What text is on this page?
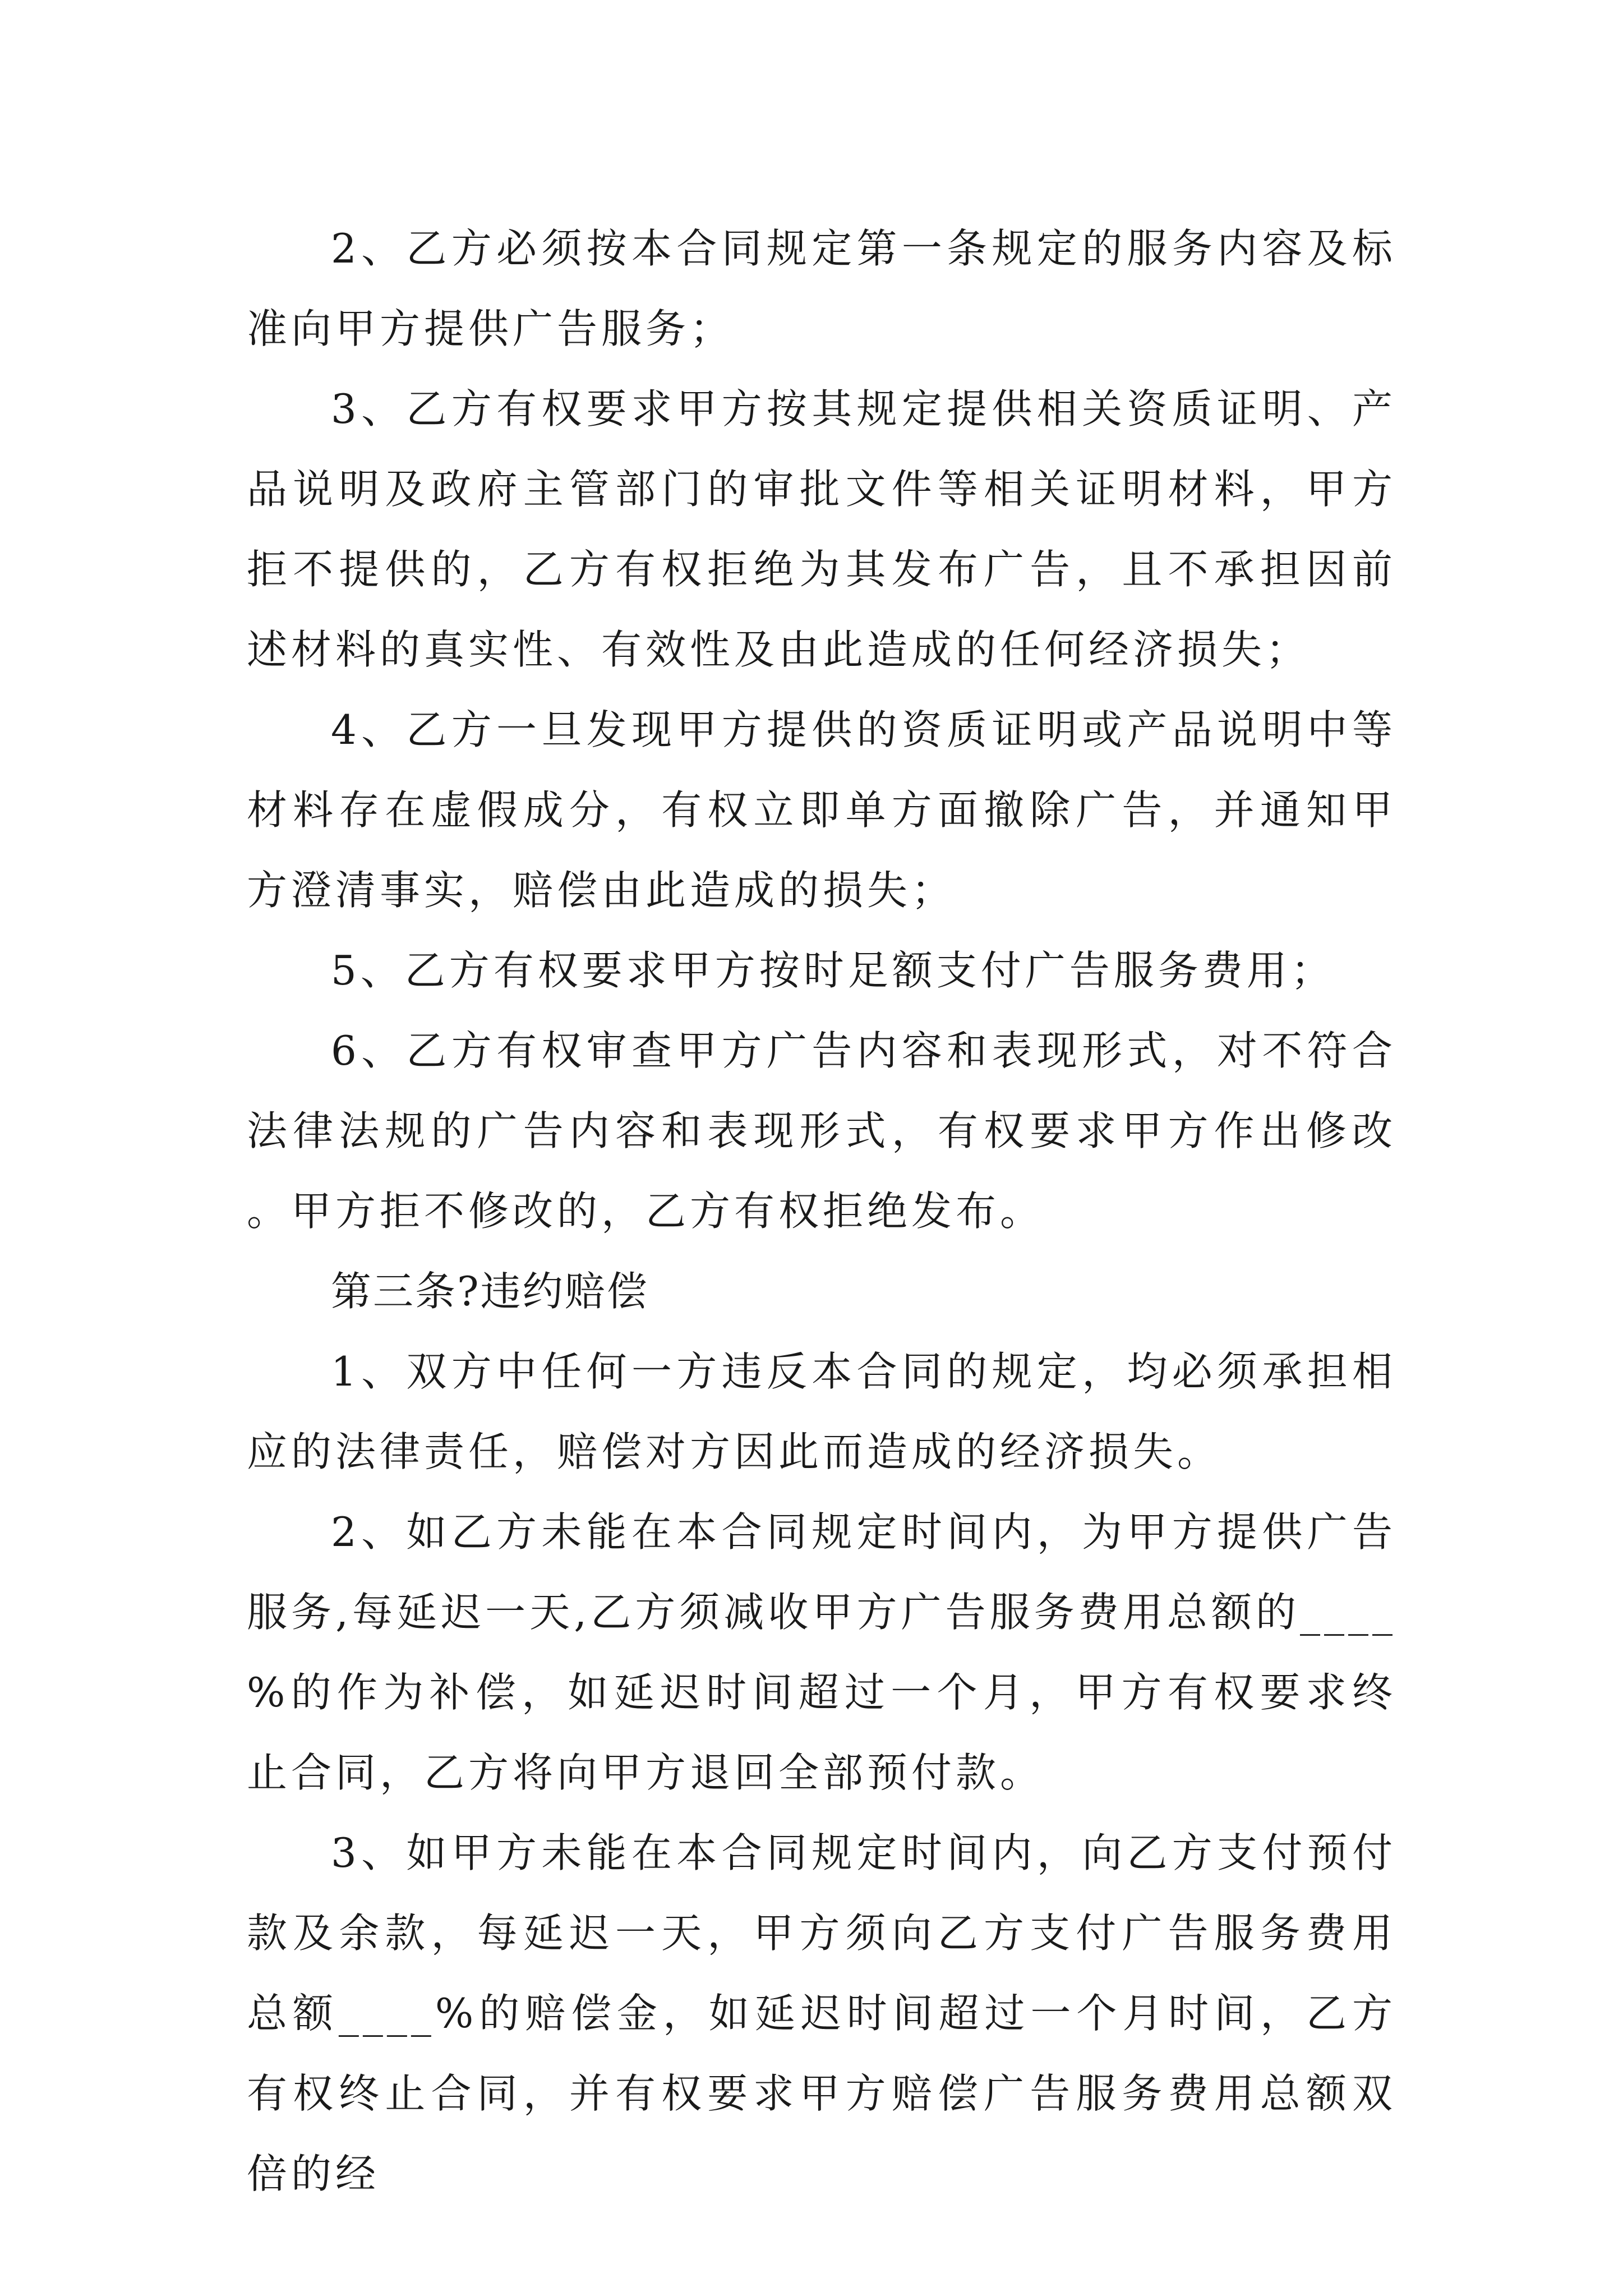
2、乙方必须按本合同规定第一条规定的服务内容及标准向甲方提供广告服务；

3、乙方有权要求甲方按其规定提供相关资质证明、产品说明及政府主管部门的审批文件等相关证明材料，甲方拒不提供的，乙方有权拒绝为其发布广告，且不承担因前述材料的真实性、有效性及由此造成的任何经济损失；

4、乙方一旦发现甲方提供的资质证明或产品说明中等材料存在虚假成分，有权立即单方面撤除广告，并通知甲方澄清事实，赔偿由此造成的损失；

5、乙方有权要求甲方按时足额支付广告服务费用；

6、乙方有权审查甲方广告内容和表现形式，对不符合法律法规的广告内容和表现形式，有权要求甲方作出修改。甲方拒不修改的，乙方有权拒绝发布。

第三条?违约赔偿

1、双方中任何一方违反本合同的规定，均必须承担相应的法律责任，赔偿对方因此而造成的经济损失。

2、如乙方未能在本合同规定时间内，为甲方提供广告服务,每延迟一天,乙方须减收甲方广告服务费用总额的____%的作为补偿，如延迟时间超过一个月，甲方有权要求终止合同，乙方将向甲方退回全部预付款。

3、如甲方未能在本合同规定时间内，向乙方支付预付款及余款，每延迟一天，甲方须向乙方支付广告服务费用总额____%的赔偿金，如延迟时间超过一个月时间，乙方有权终止合同，并有权要求甲方赔偿广告服务费用总额双倍的经
